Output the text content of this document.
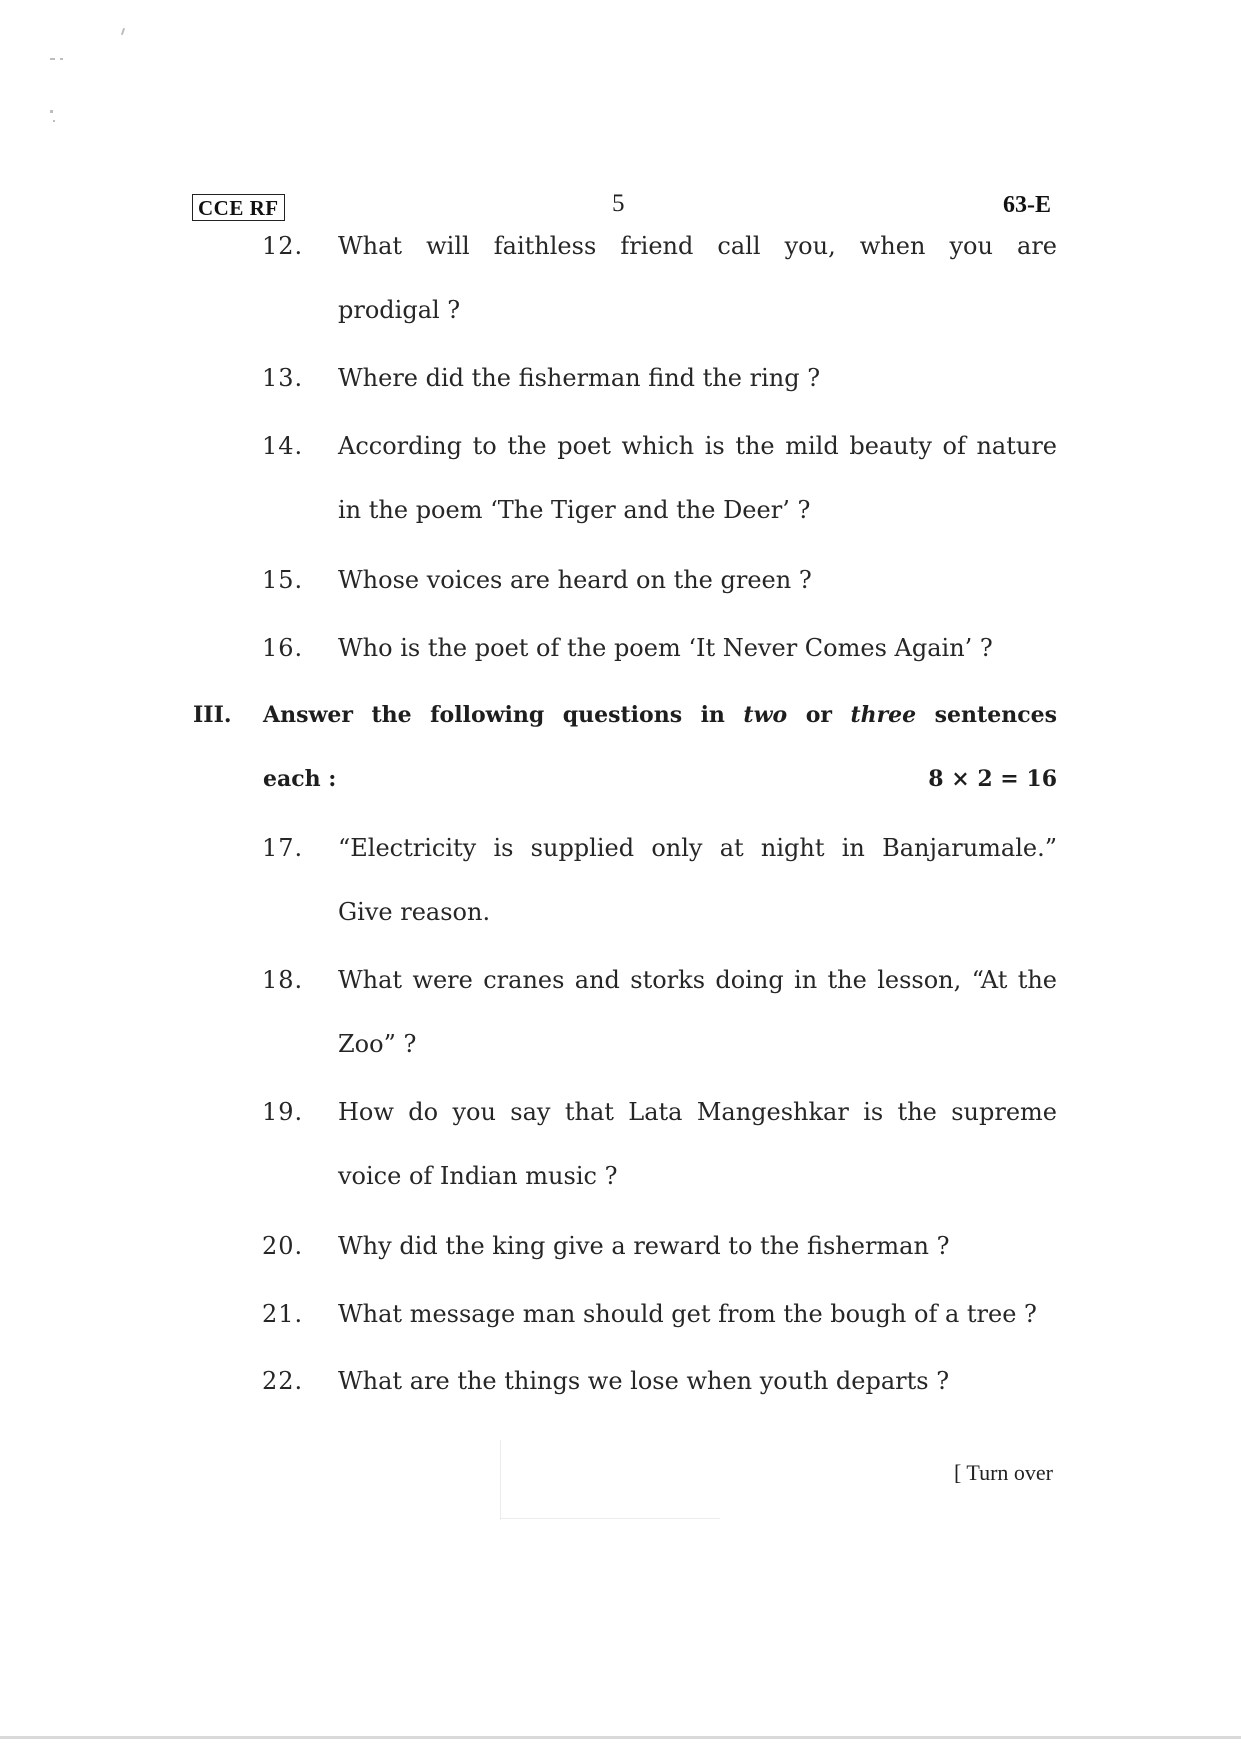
CCE RF	5	63-E
12.	What will faithless friend call you, when you are
prodigal ?
13.	Where did the fisherman find the ring ?
14.	According to the poet which is the mild beauty of nature
in the poem ‘The Tiger and the Deer’ ?
15.	Whose voices are heard on the green ?
16.	Who is the poet of the poem ‘It Never Comes Again’ ?
III. Answer the following questions in two or three sentences
each :	8 × 2 = 16
17.	“Electricity is supplied only at night in Banjarumale.”
Give reason.
18.	What were cranes and storks doing in the lesson, “At the
Zoo” ?
19.	How do you say that Lata Mangeshkar is the supreme
voice of Indian music ?
20.	Why did the king give a reward to the fisherman ?
21.	What message man should get from the bough of a tree ?
22.	What are the things we lose when youth departs ?
[ Turn over
